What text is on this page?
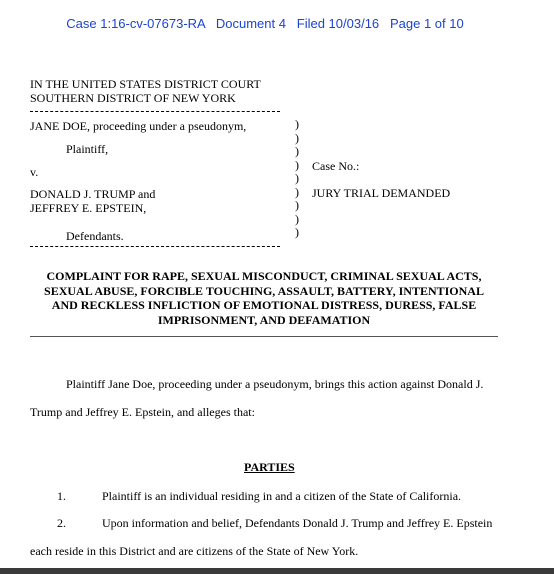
Case 1:16-cv-07673-RA   Document 4   Filed 10/03/16   Page 1 of 10
IN THE UNITED STATES DISTRICT COURT
SOUTHERN DISTRICT OF NEW YORK
JANE DOE, proceeding under a pseudonym,
Plaintiff,
v.
DONALD J. TRUMP and
JEFFREY E. EPSTEIN,
Defendants.
)
)
)
)
)
)
)
)
)
Case No.:
JURY TRIAL DEMANDED
COMPLAINT FOR RAPE, SEXUAL MISCONDUCT, CRIMINAL SEXUAL ACTS,
SEXUAL ABUSE, FORCIBLE TOUCHING, ASSAULT, BATTERY, INTENTIONAL
AND RECKLESS INFLICTION OF EMOTIONAL DISTRESS, DURESS, FALSE
IMPRISONMENT, AND DEFAMATION
Plaintiff Jane Doe, proceeding under a pseudonym, brings this action against Donald J.
Trump and Jeffrey E. Epstein, and alleges that:
PARTIES
1.	Plaintiff is an individual residing in and a citizen of the State of California.
2.	Upon information and belief, Defendants Donald J. Trump and Jeffrey E. Epstein
each reside in this District and are citizens of the State of New York.
